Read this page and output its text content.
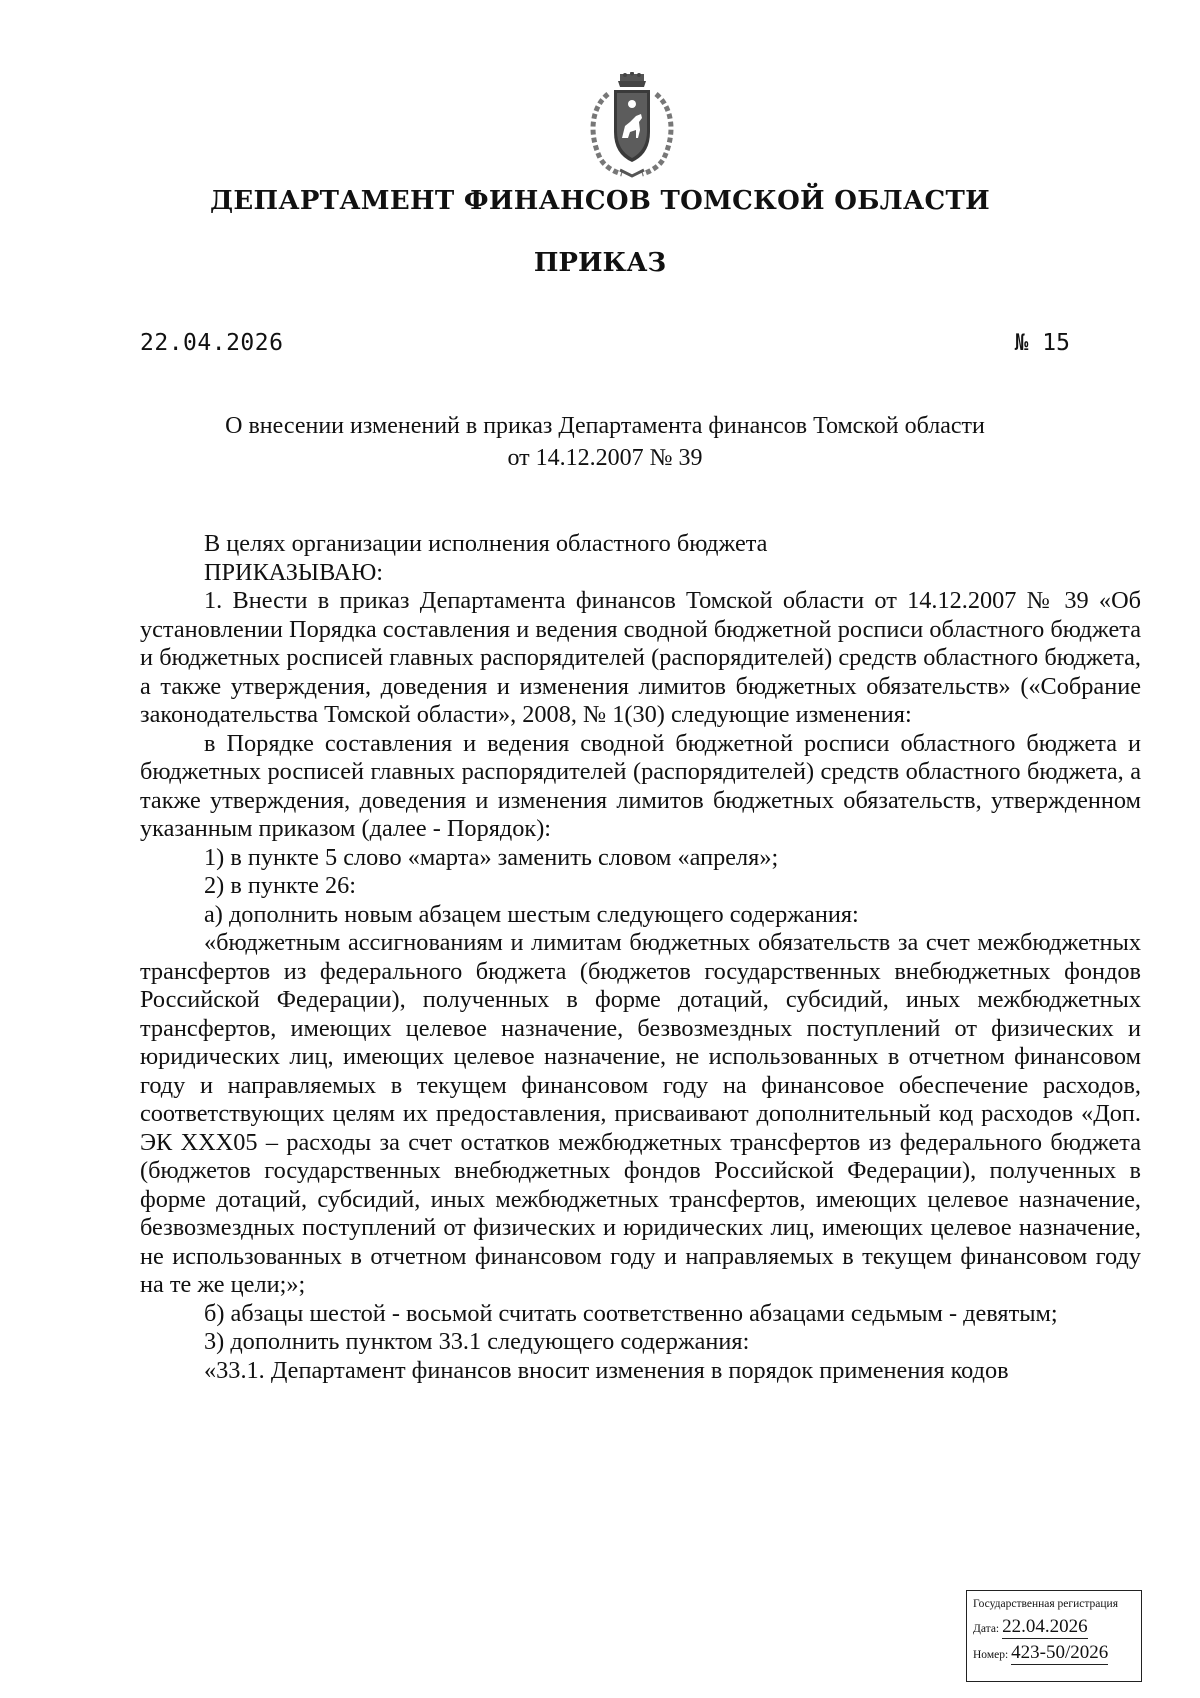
ДЕПАРТАМЕНТ ФИНАНСОВ ТОМСКОЙ ОБЛАСТИ
ПРИКАЗ
22.04.2026	№ 15
О внесении изменений в приказ Департамента финансов Томской области
от 14.12.2007 № 39

В целях организации исполнения областного бюджета

ПРИКАЗЫВАЮ:

1. Внести в приказ Департамента финансов Томской области от 14.12.2007 № 39 «Об установлении Порядка составления и ведения сводной бюджетной росписи областного бюджета и бюджетных росписей главных распорядителей (распорядителей) средств областного бюджета, а также утверждения, доведения и изменения лимитов бюджетных обязательств» («Собрание законодательства Томской области», 2008, № 1(30) следующие изменения:

в Порядке составления и ведения сводной бюджетной росписи областного бюджета и бюджетных росписей главных распорядителей (распорядителей) средств областного бюджета, а также утверждения, доведения и изменения лимитов бюджетных обязательств, утвержденном указанным приказом (далее - Порядок):

1) в пункте 5 слово «марта» заменить словом «апреля»;

2) в пункте 26:

а) дополнить новым абзацем шестым следующего содержания:

«бюджетным ассигнованиям и лимитам бюджетных обязательств за счет межбюджетных трансфертов из федерального бюджета (бюджетов государственных внебюджетных фондов Российской Федерации), полученных в форме дотаций, субсидий, иных межбюджетных трансфертов, имеющих целевое назначение, безвозмездных поступлений от физических и юридических лиц, имеющих целевое назначение, не использованных в отчетном финансовом году и направляемых в текущем финансовом году на финансовое обеспечение расходов, соответствующих целям их предоставления, присваивают дополнительный код расходов «Доп. ЭК XXX05 – расходы за счет остатков межбюджетных трансфертов из федерального бюджета (бюджетов государственных внебюджетных фондов Российской Федерации), полученных в форме дотаций, субсидий, иных межбюджетных трансфертов, имеющих целевое назначение, безвозмездных поступлений от физических и юридических лиц, имеющих целевое назначение, не использованных в отчетном финансовом году и направляемых в текущем финансовом году на те же цели;»;

б) абзацы шестой - восьмой считать соответственно абзацами седьмым - девятым;

3) дополнить пунктом 33.1 следующего содержания:

«33.1. Департамент финансов вносит изменения в порядок применения кодов

Государственная регистрация
Дата: 22.04.2026
Номер: 423-50/2026
